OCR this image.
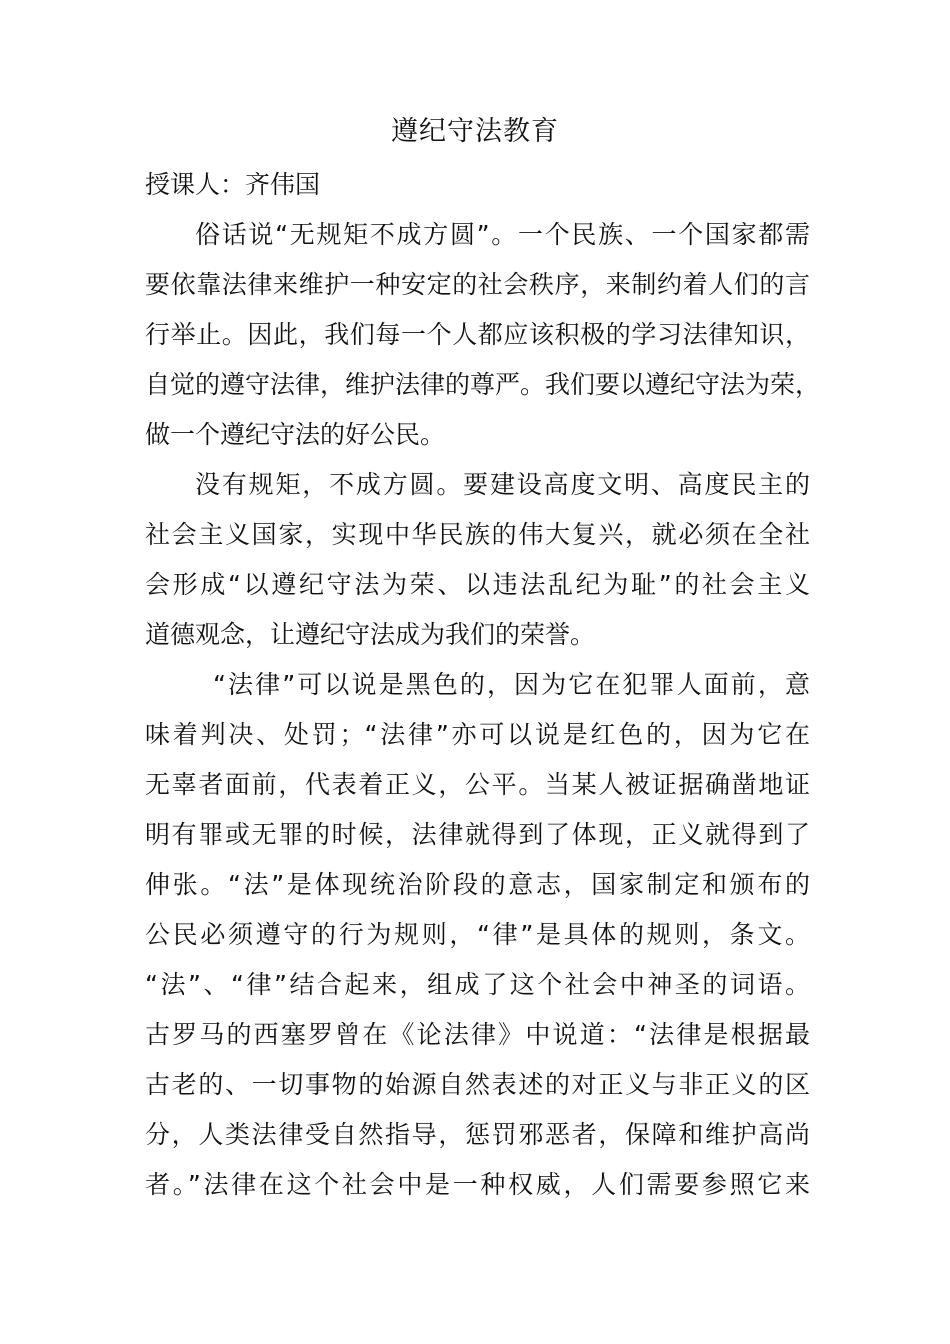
遵纪守法教育

授课人：齐伟国

俗话说“无规矩不成方圆”。一个民族、一个国家都需
要依靠法律来维护一种安定的社会秩序，来制约着人们的言
行举止。因此，我们每一个人都应该积极的学习法律知识，
自觉的遵守法律，维护法律的尊严。我们要以遵纪守法为荣，
做一个遵纪守法的好公民。

没有规矩，不成方圆。要建设高度文明、高度民主的
社会主义国家，实现中华民族的伟大复兴，就必须在全社
会形成“以遵纪守法为荣、以违法乱纪为耻”的社会主义
道德观念，让遵纪守法成为我们的荣誉。

“法律”可以说是黑色的，因为它在犯罪人面前，意
味着判决、处罚；“法律”亦可以说是红色的，因为它在
无辜者面前，代表着正义，公平。当某人被证据确凿地证
明有罪或无罪的时候，法律就得到了体现，正义就得到了
伸张。“法”是体现统治阶段的意志，国家制定和颁布的
公民必须遵守的行为规则，“律”是具体的规则，条文。
“法”、“律”结合起来，组成了这个社会中神圣的词语。
古罗马的西塞罗曾在《论法律》中说道：“法律是根据最
古老的、一切事物的始源自然表述的对正义与非正义的区
分，人类法律受自然指导，惩罚邪恶者，保障和维护高尚
者。”法律在这个社会中是一种权威，人们需要参照它来
